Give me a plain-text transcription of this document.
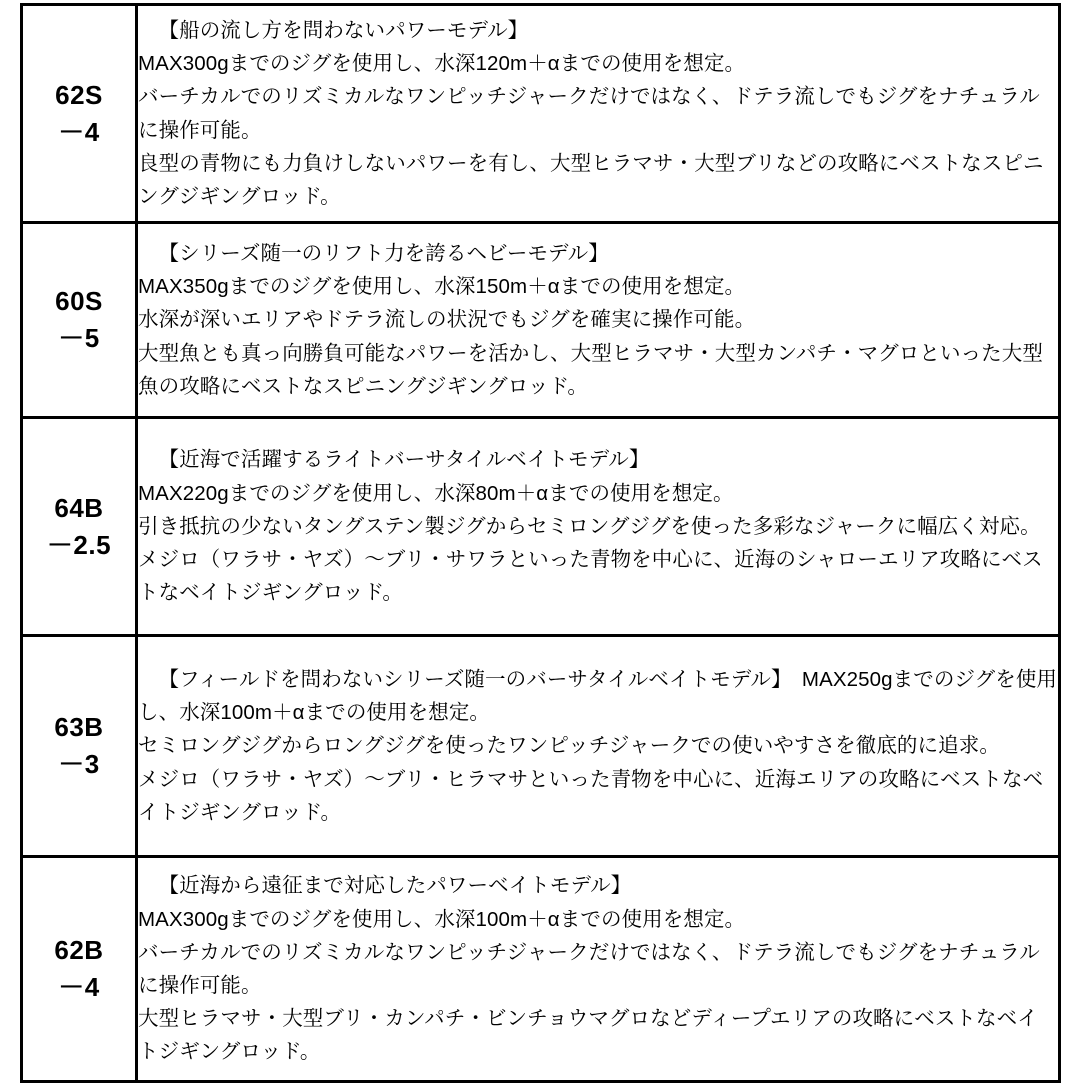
62S
－4	【船の流し方を問わないパワーモデル】
MAX300gまでのジグを使用し、水深120m＋αまでの使用を想定。
バーチカルでのリズミカルなワンピッチジャークだけではなく、ドテラ流しでもジグをナチュラルに操作可能。
良型の青物にも力負けしないパワーを有し、大型ヒラマサ・大型ブリなどの攻略にベストなスピニングジギングロッド。

60S
－5	【シリーズ随一のリフト力を誇るヘビーモデル】
MAX350gまでのジグを使用し、水深150m＋αまでの使用を想定。
水深が深いエリアやドテラ流しの状況でもジグを確実に操作可能。
大型魚とも真っ向勝負可能なパワーを活かし、大型ヒラマサ・大型カンパチ・マグロといった大型魚の攻略にベストなスピニングジギングロッド。

64B
－2.5	【近海で活躍するライトバーサタイルベイトモデル】
MAX220gまでのジグを使用し、水深80m＋αまでの使用を想定。
引き抵抗の少ないタングステン製ジグからセミロングジグを使った多彩なジャークに幅広く対応。
メジロ（ワラサ・ヤズ）～ブリ・サワラといった青物を中心に、近海のシャローエリア攻略にベストなベイトジギングロッド。

63B
－3	【フィールドを問わないシリーズ随一のバーサタイルベイトモデル】　MAX250gまでのジグを使用し、水深100m＋αまでの使用を想定。
セミロングジグからロングジグを使ったワンピッチジャークでの使いやすさを徹底的に追求。
メジロ（ワラサ・ヤズ）～ブリ・ヒラマサといった青物を中心に、近海エリアの攻略にベストなベイトジギングロッド。

62B
－4	【近海から遠征まで対応したパワーベイトモデル】
MAX300gまでのジグを使用し、水深100m＋αまでの使用を想定。
バーチカルでのリズミカルなワンピッチジャークだけではなく、ドテラ流しでもジグをナチュラルに操作可能。
大型ヒラマサ・大型ブリ・カンパチ・ビンチョウマグロなどディープエリアの攻略にベストなベイトジギングロッド。
